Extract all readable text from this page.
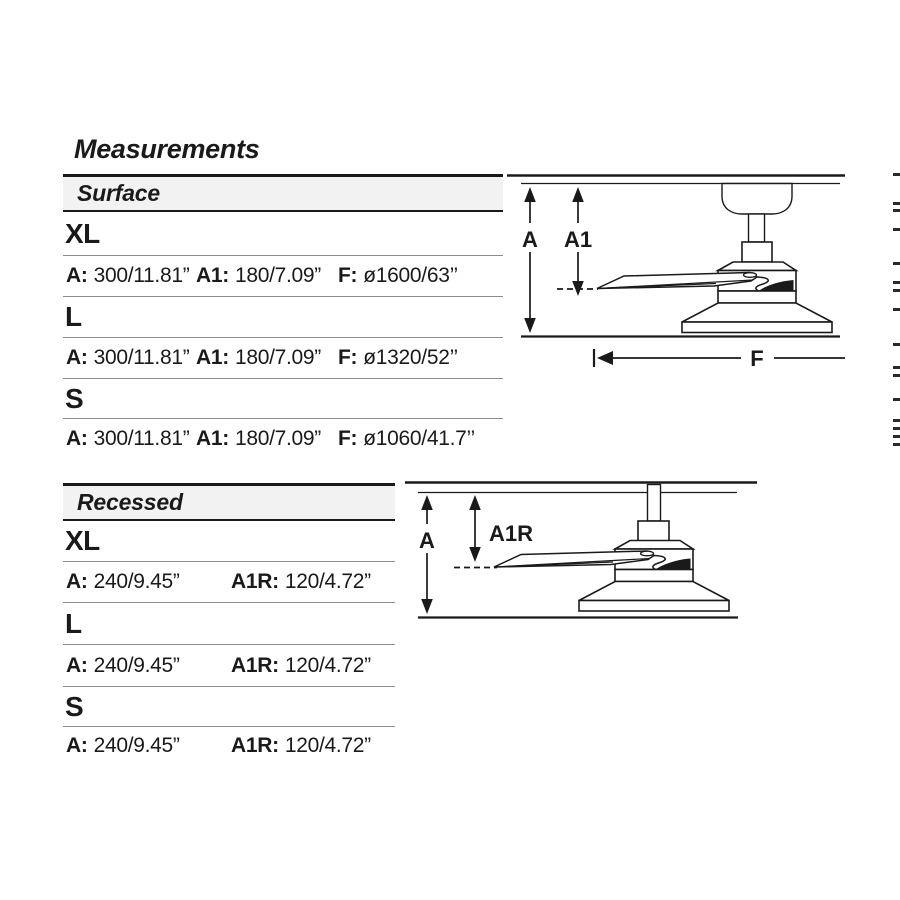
Measurements
Surface
XL
A: 300/11.81” A1: 180/7.09” F: ø1600/63’’
L
A: 300/11.81” A1: 180/7.09” F: ø1320/52’’
S
A: 300/11.81” A1: 180/7.09” F: ø1060/41.7’’
Recessed
XL
A: 240/9.45” A1R: 120/4.72”
L
A: 240/9.45” A1R: 120/4.72”
S
A: 240/9.45” A1R: 120/4.72”
A A1
F
A A1R
